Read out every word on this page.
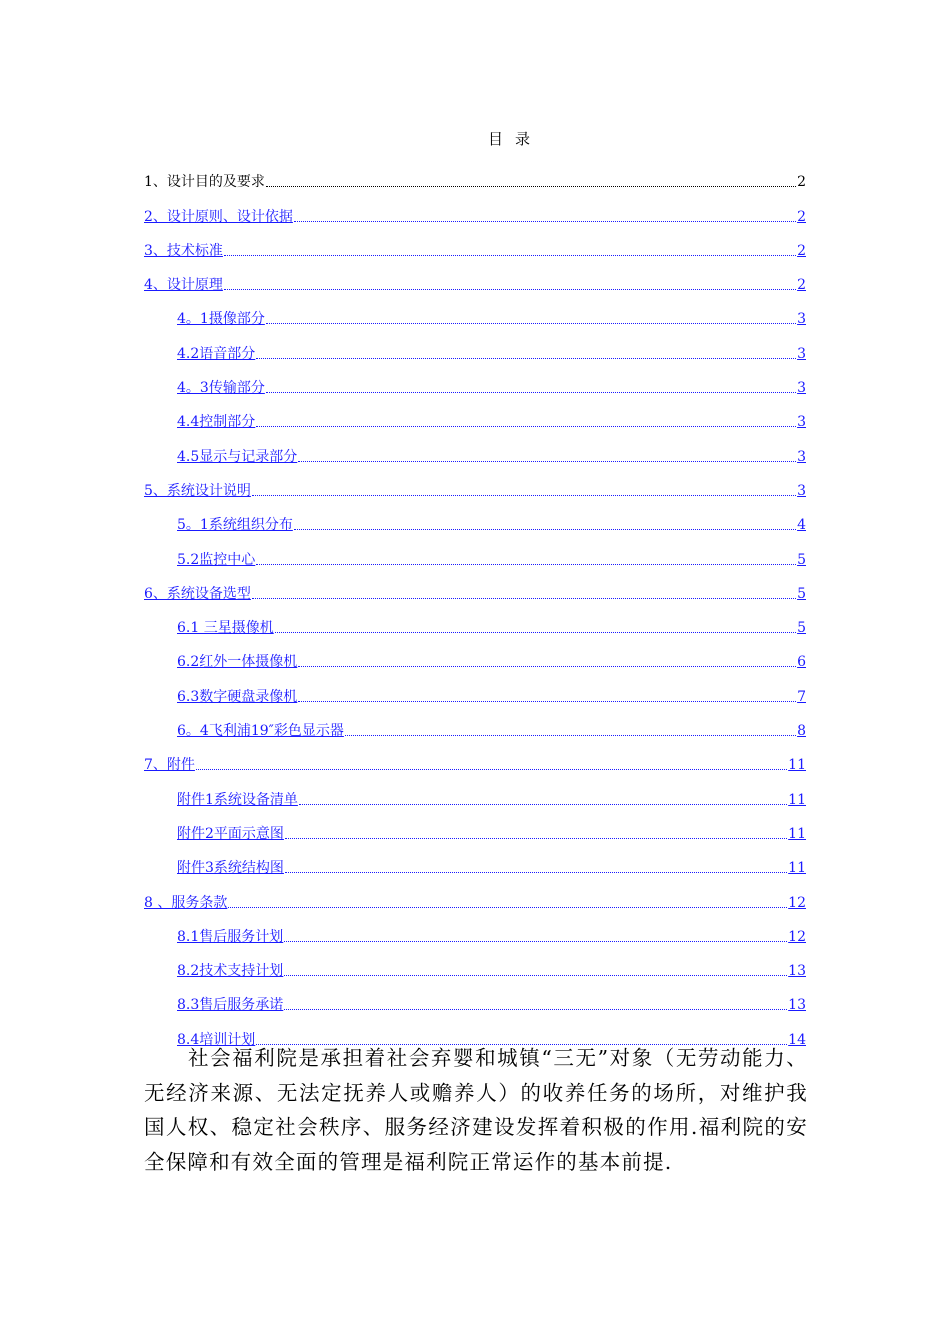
目录
1、设计目的及要求	2
2、设计原则、设计依据	2
3、技术标准	2
4、设计原理	2
4。1摄像部分	3
4.2语音部分	3
4。3传输部分	3
4.4控制部分	3
4.5显示与记录部分	3
5、系统设计说明	3
5。1系统组织分布	4
5.2监控中心	5
6、系统设备选型	5
6.1 三星摄像机	5
6.2红外一体摄像机	6
6.3数字硬盘录像机	7
6。4飞利浦19″彩色显示器	8
7、附件	11
附件1系统设备清单	11
附件2平面示意图	11
附件3系统结构图	11
8 、服务条款	12
8.1售后服务计划	12
8.2技术支持计划	13
8.3售后服务承诺	13
8.4培训计划	14

社会福利院是承担着社会弃婴和城镇“三无”对象（无劳动能力、无经济来源、无法定抚养人或赡养人）的收养任务的场所，对维护我国人权、稳定社会秩序、服务经济建设发挥着积极的作用.福利院的安全保障和有效全面的管理是福利院正常运作的基本前提.
